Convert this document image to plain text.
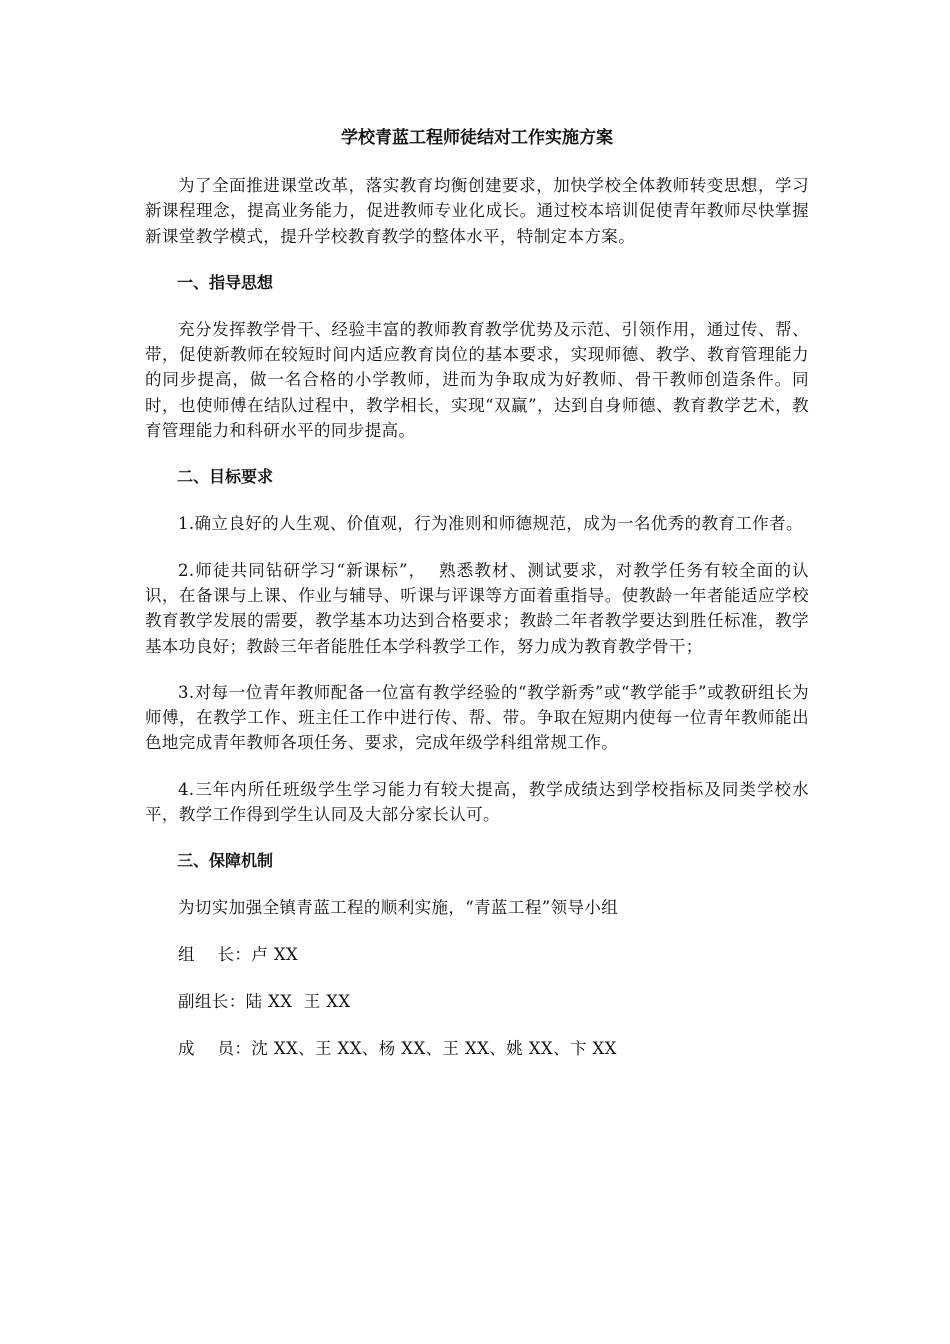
学校青蓝工程师徒结对工作实施方案

为了全面推进课堂改革，落实教育均衡创建要求，加快学校全体教师转变思想，学习新课程理念，提高业务能力，促进教师专业化成长。通过校本培训促使青年教师尽快掌握新课堂教学模式，提升学校教育教学的整体水平，特制定本方案。

一、指导思想

充分发挥教学骨干、经验丰富的教师教育教学优势及示范、引领作用，通过传、帮、带，促使新教师在较短时间内适应教育岗位的基本要求，实现师德、教学、教育管理能力的同步提高，做一名合格的小学教师，进而为争取成为好教师、骨干教师创造条件。同时，也使师傅在结队过程中，教学相长，实现“双赢”，达到自身师德、教育教学艺术，教育管理能力和科研水平的同步提高。

二、目标要求

1.确立良好的人生观、价值观，行为准则和师德规范，成为一名优秀的教育工作者。

2.师徒共同钻研学习“新课标”，  熟悉教材、测试要求，对教学任务有较全面的认识，在备课与上课、作业与辅导、听课与评课等方面着重指导。使教龄一年者能适应学校教育教学发展的需要，教学基本功达到合格要求；教龄二年者教学要达到胜任标准，教学基本功良好；教龄三年者能胜任本学科教学工作，努力成为教育教学骨干；

3.对每一位青年教师配备一位富有教学经验的“教学新秀”或“教学能手”或教研组长为师傅，在教学工作、班主任工作中进行传、帮、带。争取在短期内使每一位青年教师能出色地完成青年教师各项任务、要求，完成年级学科组常规工作。

4.三年内所任班级学生学习能力有较大提高，教学成绩达到学校指标及同类学校水平，教学工作得到学生认同及大部分家长认可。

三、保障机制

为切实加强全镇青蓝工程的顺利实施，“青蓝工程”领导小组

组    长：卢 XX

副组长：陆 XX  王 XX

成    员：沈 XX、王 XX、杨 XX、王 XX、姚 XX、卞 XX
